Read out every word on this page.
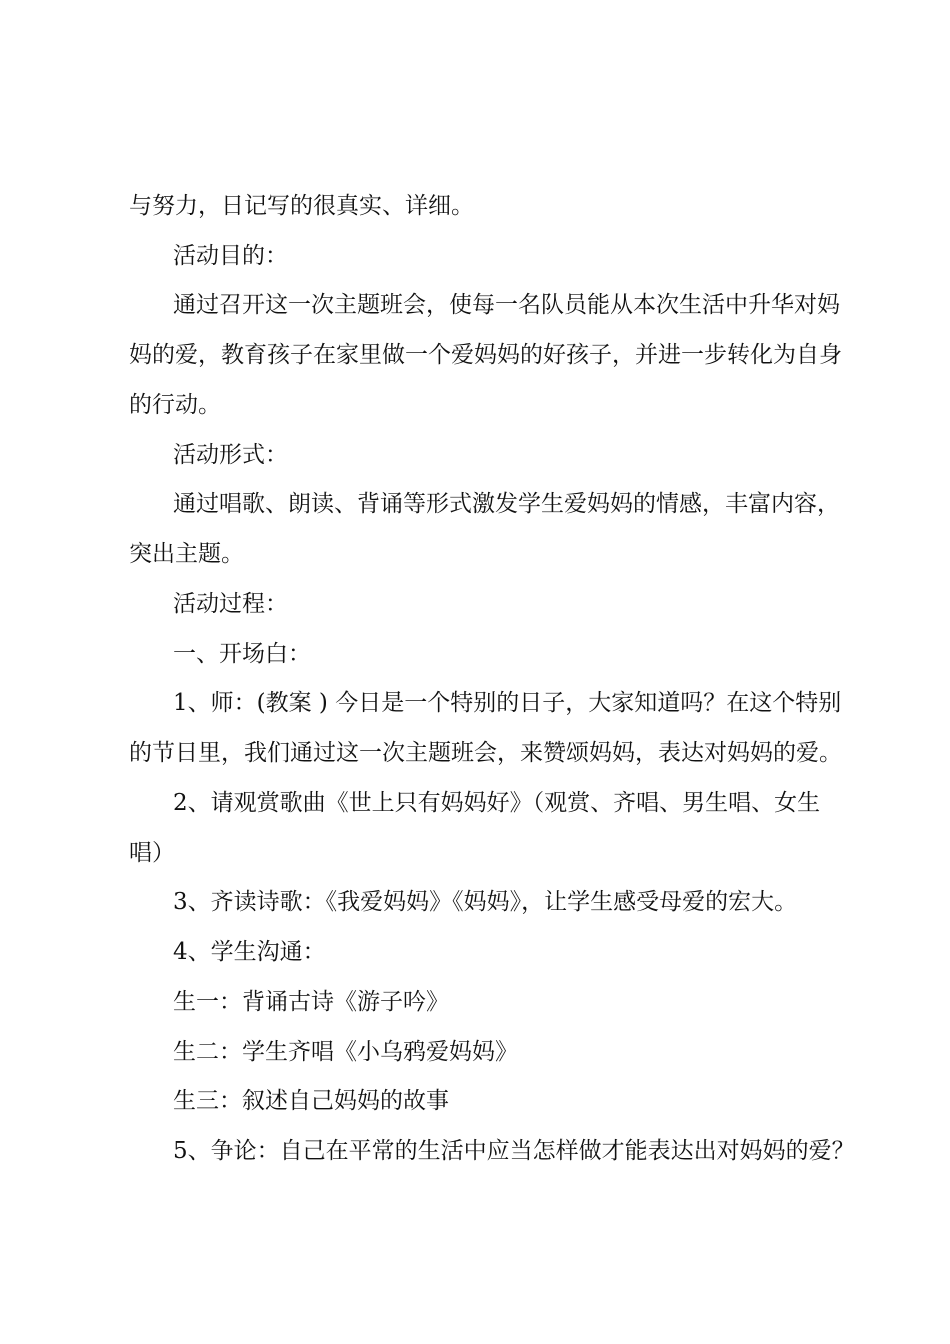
与努力，日记写的很真实、详细。
活动目的：
通过召开这一次主题班会，使每一名队员能从本次生活中升华对妈
妈的爱，教育孩子在家里做一个爱妈妈的好孩子，并进一步转化为自身
的行动。
活动形式：
通过唱歌、朗读、背诵等形式激发学生爱妈妈的情感，丰富内容，
突出主题。
活动过程：
一、开场白：
1、师：(教案 ) 今日是一个特别的日子，大家知道吗？在这个特别
的节日里，我们通过这一次主题班会，来赞颂妈妈，表达对妈妈的爱。
2、请观赏歌曲《世上只有妈妈好》（观赏、齐唱、男生唱、女生
唱）
3、齐读诗歌：《我爱妈妈》《妈妈》，让学生感受母爱的宏大。
4、学生沟通：
生一：背诵古诗《游子吟》
生二：学生齐唱《小乌鸦爱妈妈》
生三：叙述自己妈妈的故事
5、争论：自己在平常的生活中应当怎样做才能表达出对妈妈的爱？
